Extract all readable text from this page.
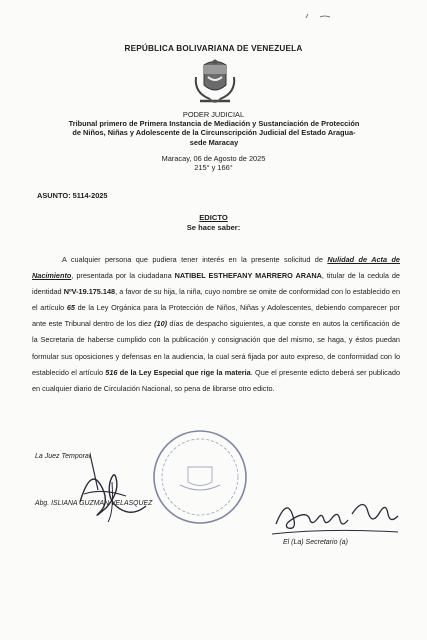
REPÚBLICA BOLIVARIANA DE VENEZUELA
PODER JUDICIAL
Tribunal primero de Primera Instancia de Mediación y Sustanciación de Protección
de Niños, Niñas y Adolescente de la Circunscripción Judicial del Estado Aragua-
sede Maracay
Maracay, 06 de Agosto de 2025
215° y 166°
ASUNTO: 5114-2025
EDICTO
Se hace saber:
A cualquier persona que pudiera tener interés en la presente solicitud de Nulidad de Acta de Nacimiento, presentada por la ciudadana NATIBEL ESTHEFANY MARRERO ARANA, titular de la cedula de identidad NºV-19.175.148, a favor de su hija, la niña, cuyo nombre se omite de conformidad con lo establecido en el artículo 65 de la Ley Orgánica para la Protección de Niños, Niñas y Adolescentes, debiendo comparecer por ante este Tribunal dentro de los diez (10) días de despacho siguientes, a que conste en autos la certificación de la Secretaria de haberse cumplido con la publicación y consignación que del mismo, se haga, y éstos puedan formular sus oposiciones y defensas en la audiencia, la cual será fijada por auto expreso, de conformidad con lo establecido el artículo 516 de la Ley Especial que rige la materia. Que el presente edicto deberá ser publicado en cualquier diario de Circulación Nacional, so pena de librarse otro edicto.
La Juez Temporal
Abg. ISLIANA GUZMAN VELASQUEZ
El (La) Secretario (a)
